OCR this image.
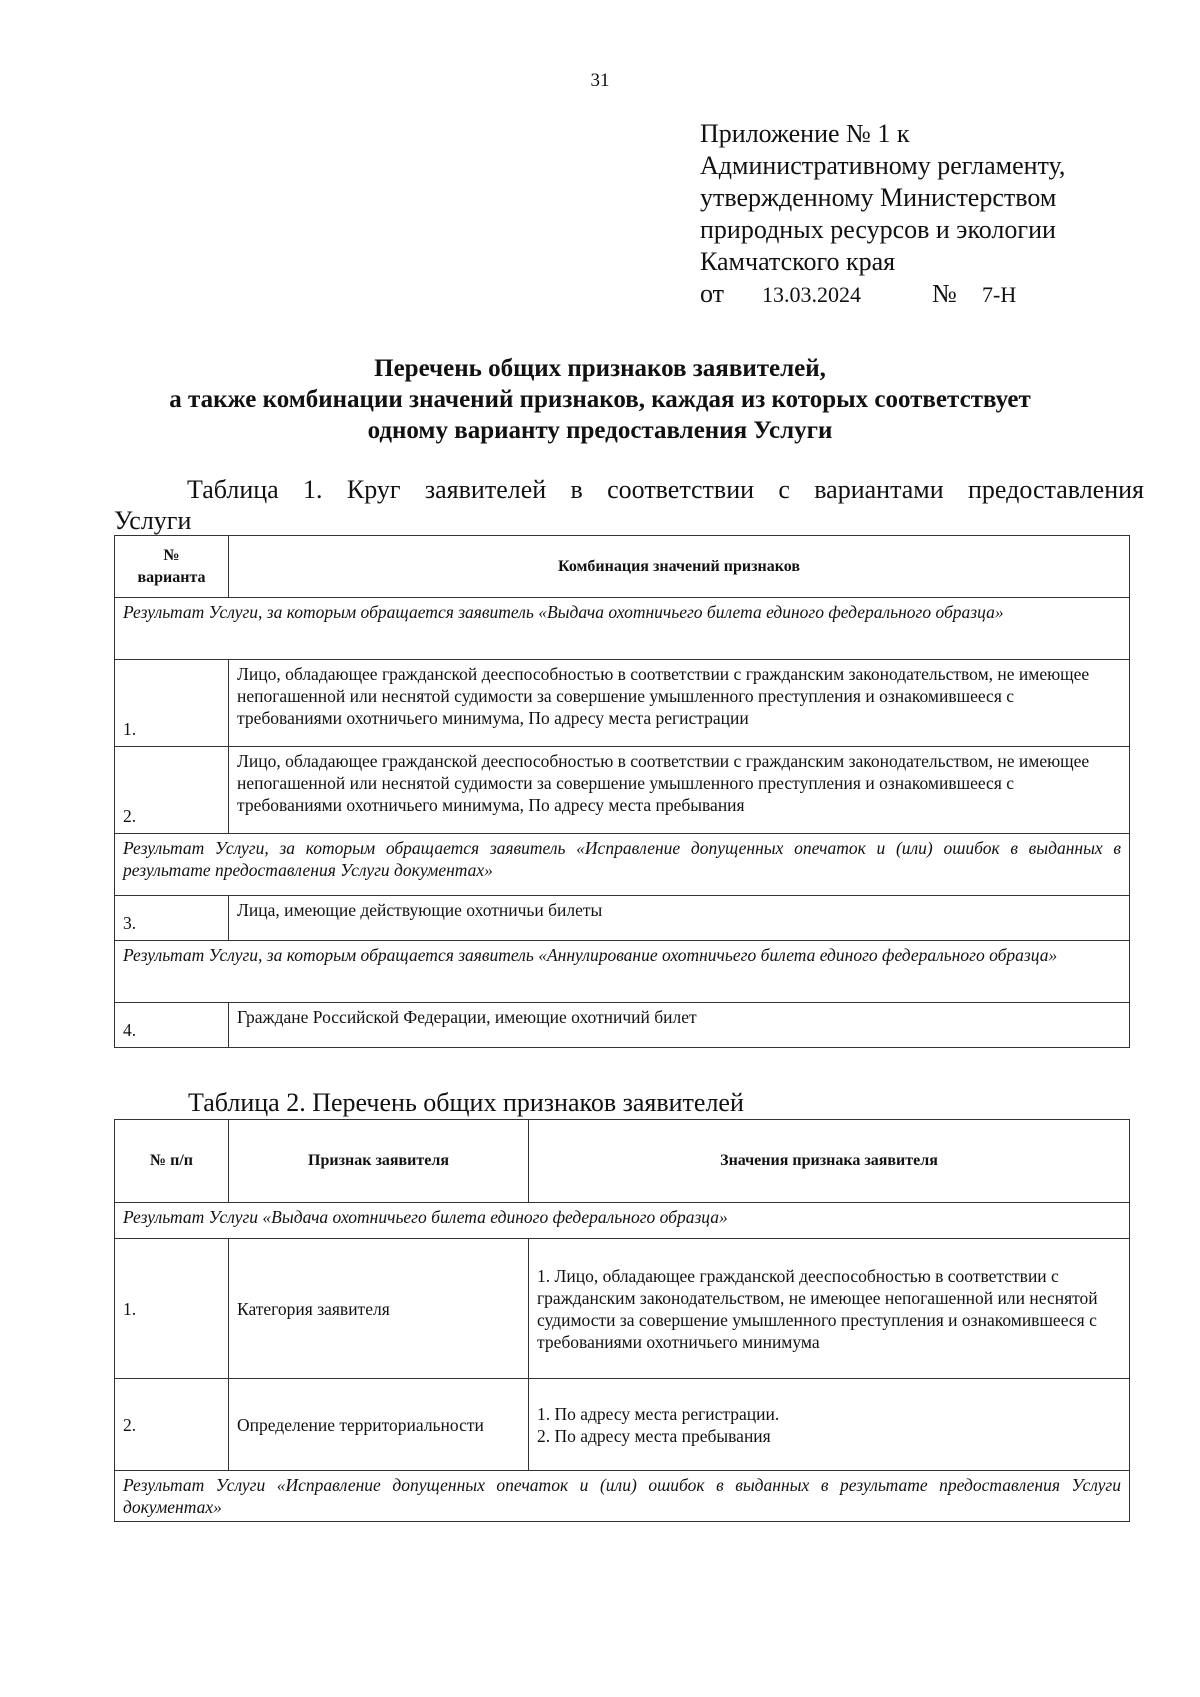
31
Приложение № 1 к
Административному регламенту,
утвержденному Министерством
природных ресурсов и экологии
Камчатского края
от 13.03.2024	№ 7-Н
Перечень общих признаков заявителей,
а также комбинации значений признаков, каждая из которых соответствует
одному варианту предоставления Услуги
Таблица 1. Круг заявителей в соответствии с вариантами предоставления
Услуги
№
варианта	Комбинация значений признаков
Результат Услуги, за которым обращается заявитель «Выдача охотничьего билета единого федерального образца»	
1.	Лицо, обладающее гражданской дееспособностью в соответствии с гражданским законодательством, не имеющее непогашенной или неснятой судимости за совершение умышленного преступления и ознакомившееся с требованиями охотничьего минимума, По адресу места регистрации
2.	Лицо, обладающее гражданской дееспособностью в соответствии с гражданским законодательством, не имеющее непогашенной или неснятой судимости за совершение умышленного преступления и ознакомившееся с требованиями охотничьего минимума, По адресу места пребывания
Результат Услуги, за которым обращается заявитель «Исправление допущенных опечаток и (или) ошибок в выданных в результате предоставления Услуги документах»	
3.	Лица, имеющие действующие охотничьи билеты
Результат Услуги, за которым обращается заявитель «Аннулирование охотничьего билета единого федерального образца»	
4.	Граждане Российской Федерации, имеющие охотничий билет
Таблица 2. Перечень общих признаков заявителей
№ п/п	Признак заявителя	Значения признака заявителя
Результат Услуги «Выдача охотничьего билета единого федерального образца»		
1.	Категория заявителя	1. Лицо, обладающее гражданской дееспособностью в соответствии с гражданским законодательством, не имеющее непогашенной или неснятой судимости за совершение умышленного преступления и ознакомившееся с требованиями охотничьего минимума
2.	Определение территориальности	1. По адресу места регистрации.
2. По адресу места пребывания
Результат Услуги «Исправление допущенных опечаток и (или) ошибок в выданных в результате предоставления Услуги документах»		
